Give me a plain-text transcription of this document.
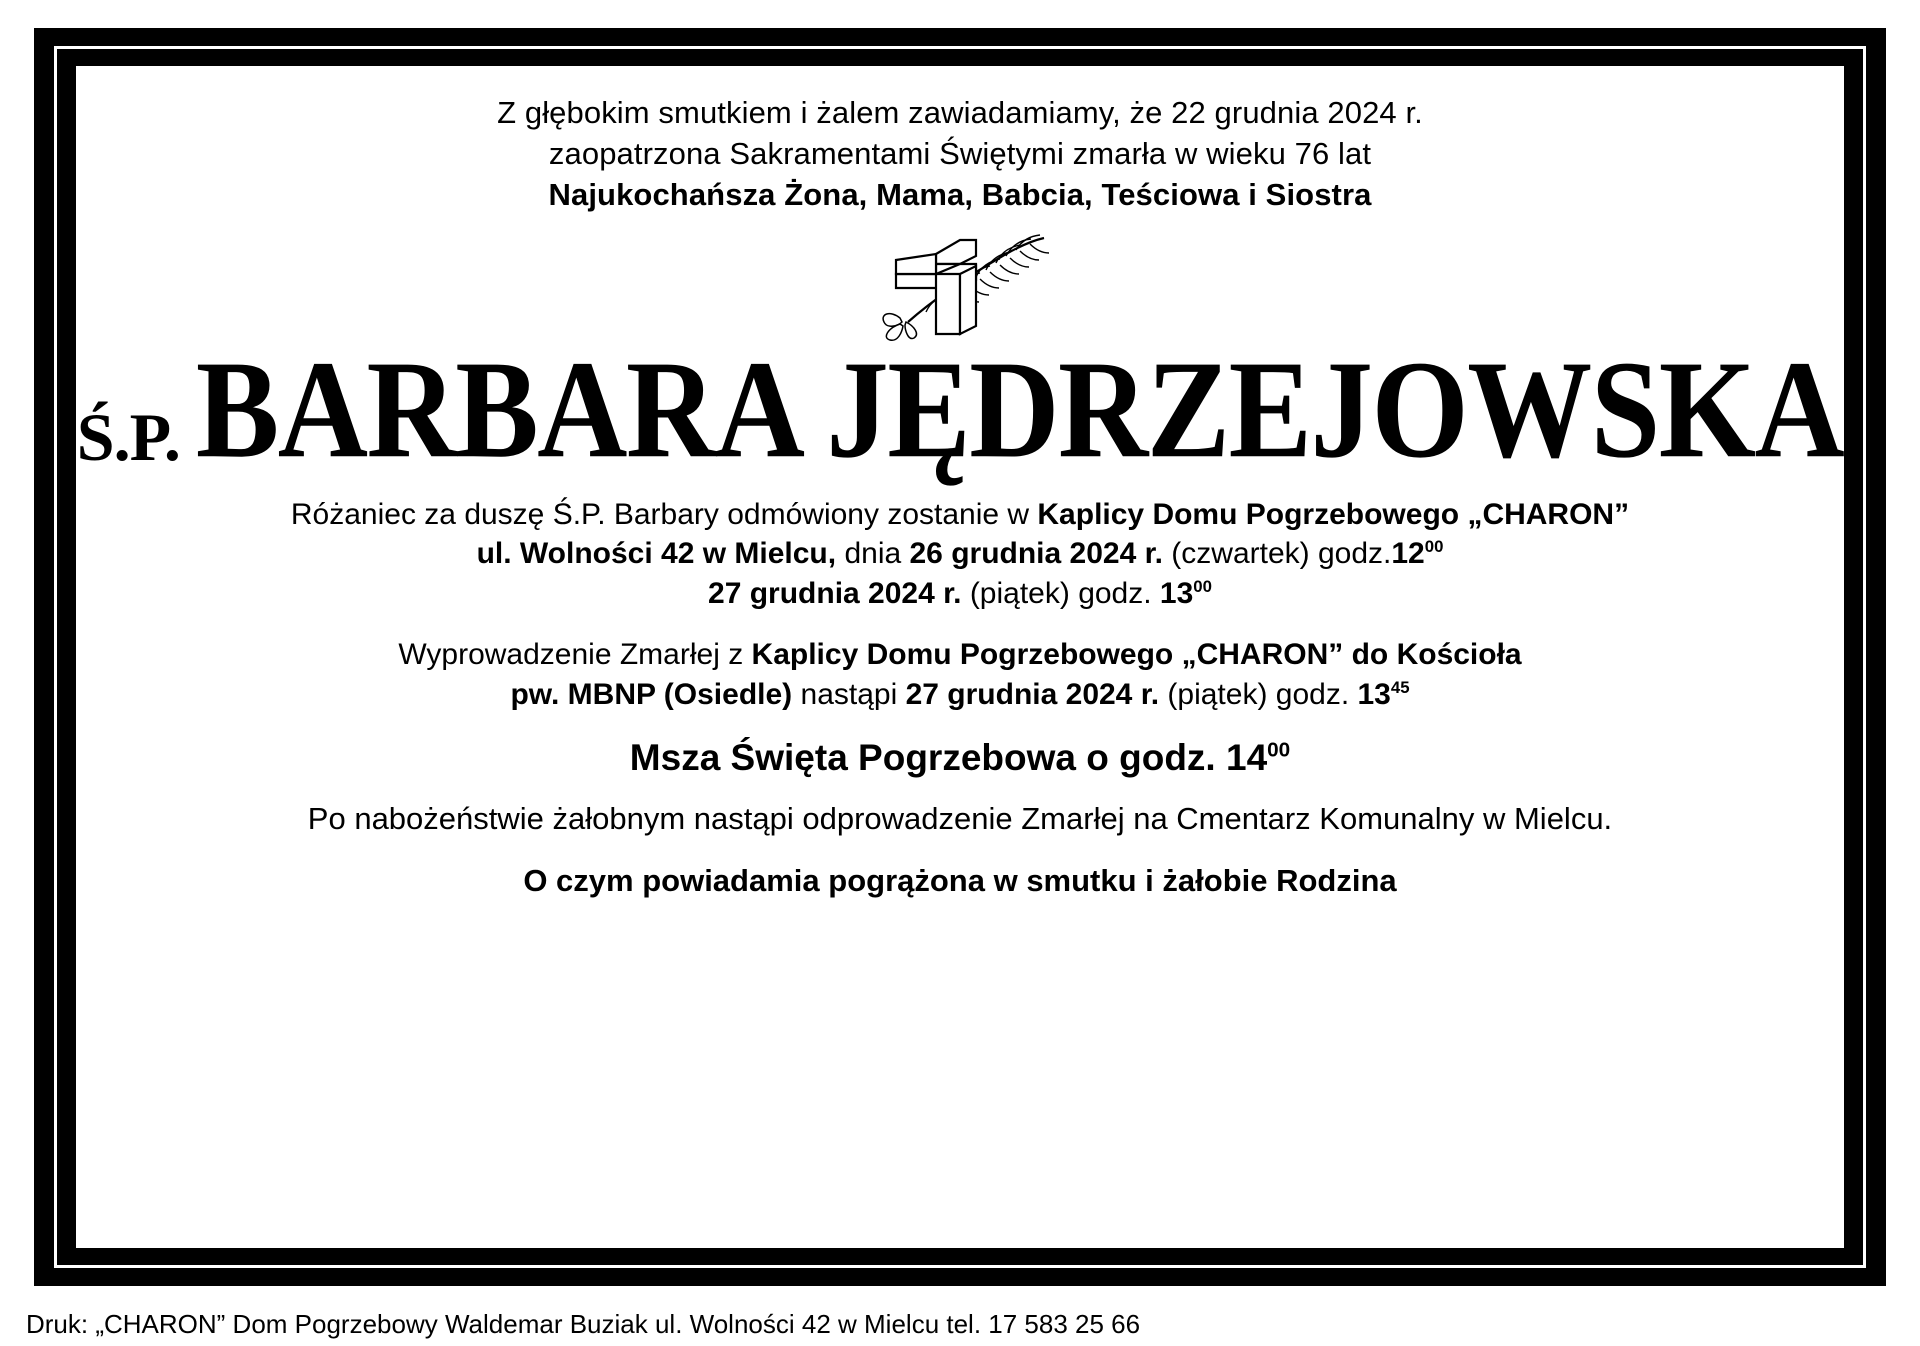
Z głębokim smutkiem i żalem zawiadamiamy, że 22 grudnia 2024 r.
zaopatrzona Sakramentami Świętymi zmarła w wieku 76 lat
Najukochańsza Żona, Mama, Babcia, Teściowa i Siostra
Ś.P. BARBARA JĘDRZEJOWSKA
Różaniec za duszę Ś.P. Barbary odmówiony zostanie w Kaplicy Domu Pogrzebowego „CHARON”
ul. Wolności 42 w Mielcu, dnia 26 grudnia 2024 r. (czwartek) $godz.12^{00}$
27 grudnia 2024 r. (piątek) godz. $13^{00}$
Wyprowadzenie Zmarłej z Kaplicy Domu Pogrzebowego „CHARON” do Kościoła
pw. MBNP (Osiedle) nastąpi 27 grudnia 2024 r. (piątek) godz. $13^{45}$
Msza Święta Pogrzebowa o godz. $14^{00}$
Po nabożeństwie żałobnym nastąpi odprowadzenie Zmarłej na Cmentarz Komunalny w Mielcu.
O czym powiadamia pogrążona w smutku i żałobie Rodzina
Druk: „CHARON” Dom Pogrzebowy Waldemar Buziak ul. Wolności 42 w Mielcu tel. 17 583 25 66
